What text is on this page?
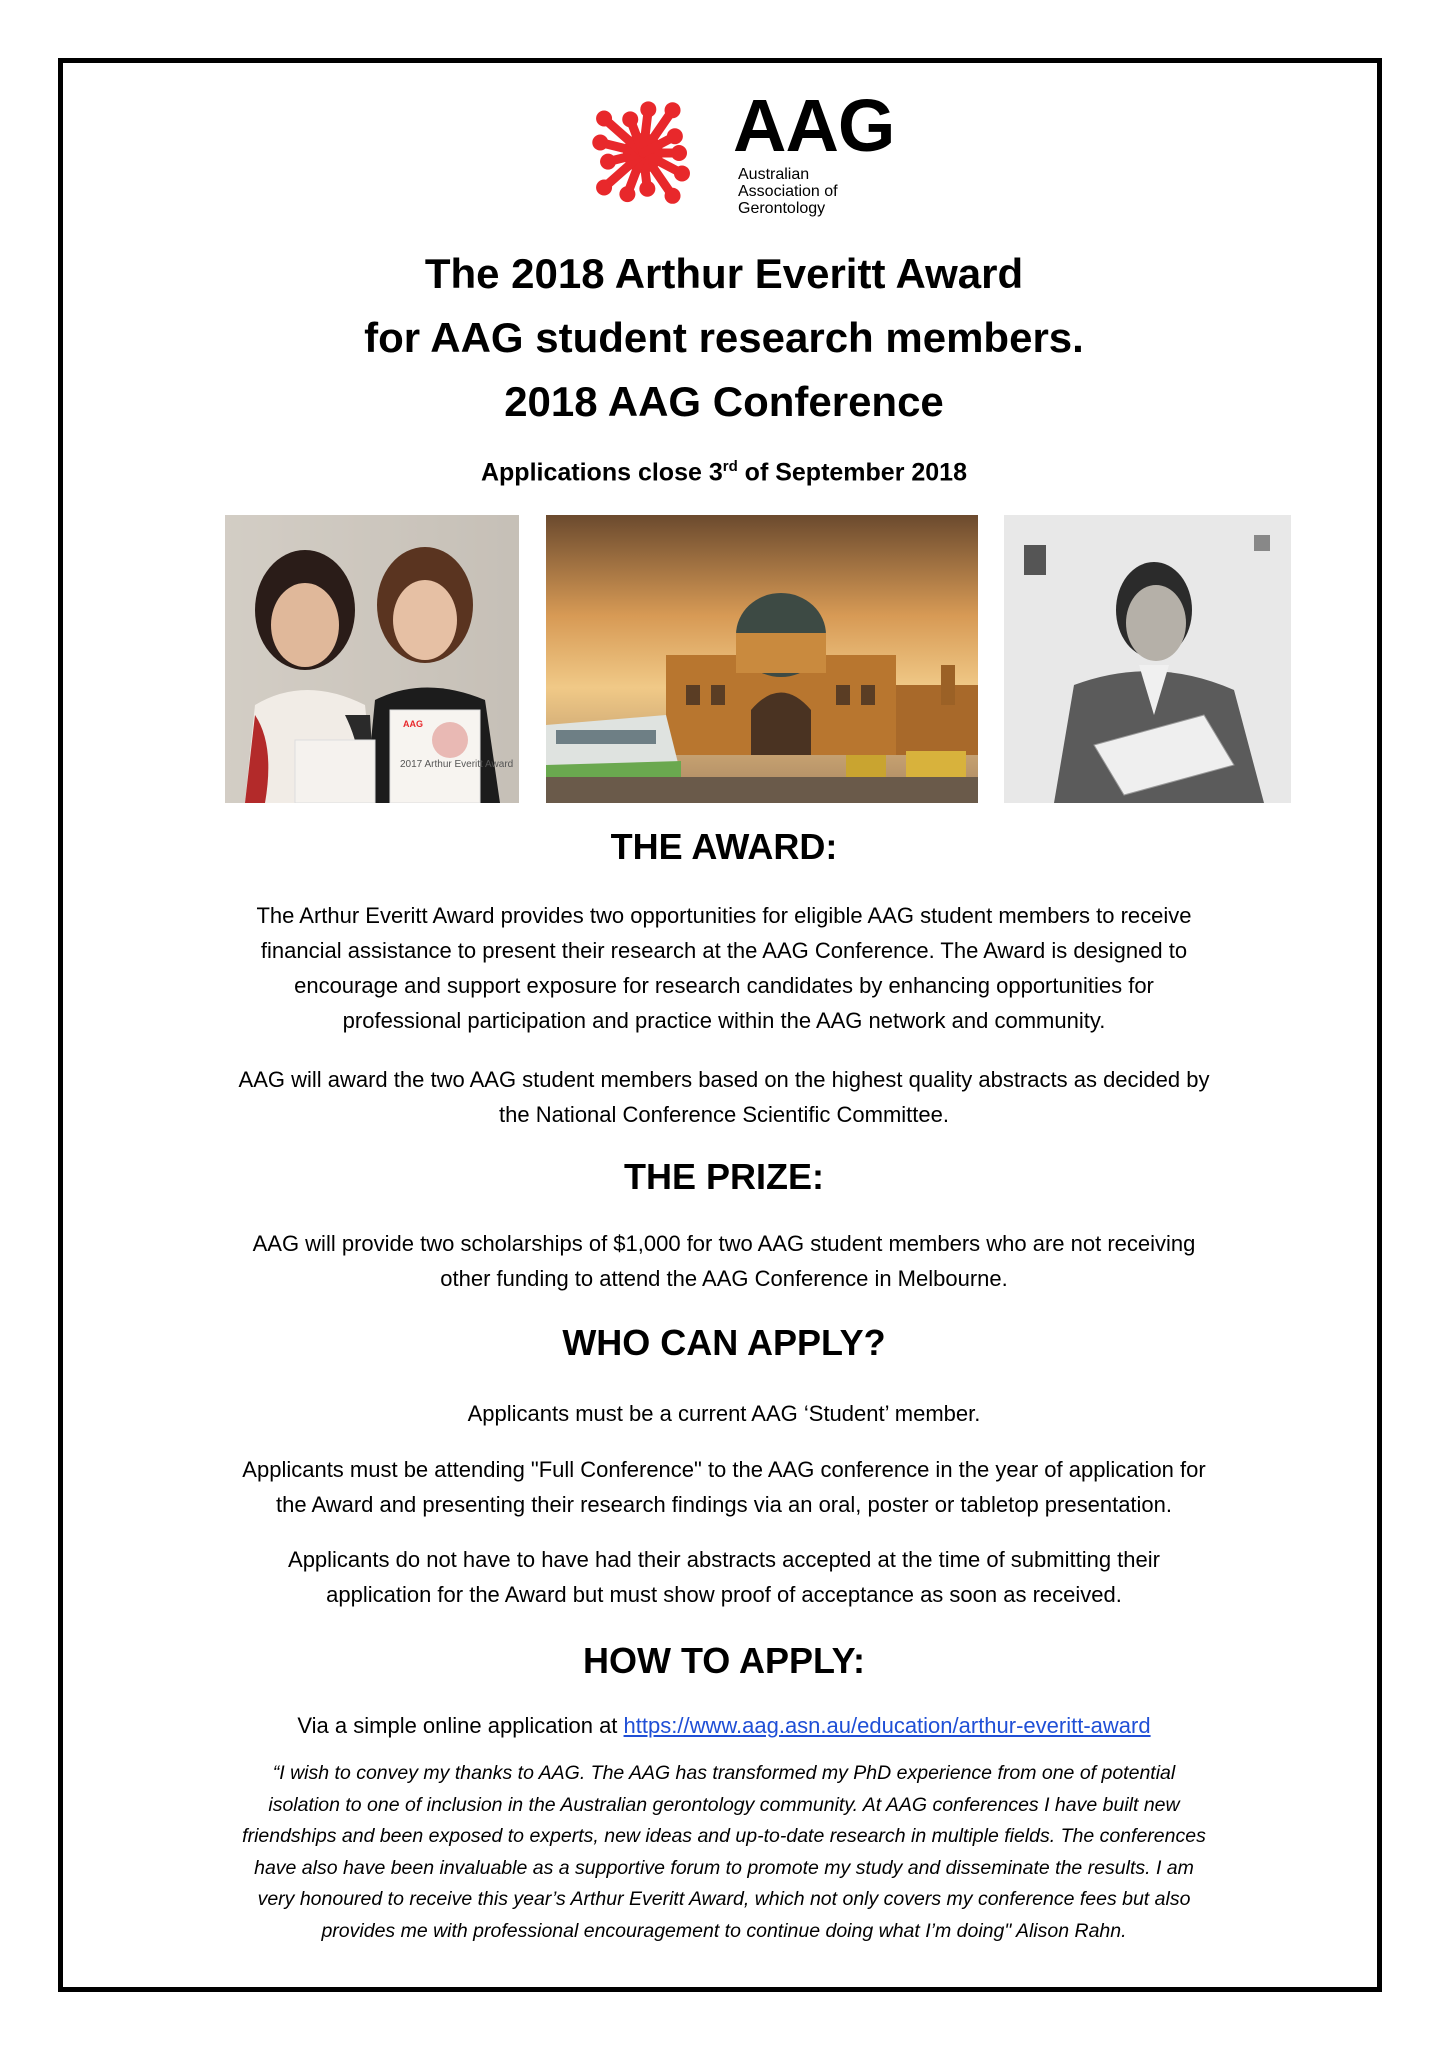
AAG
Australian
Association of
Gerontology
The 2018 Arthur Everitt Award
for AAG student research members.
2018 AAG Conference
Applications close 3rd of September 2018
2017 Arthur Everitt Award
AAG
THE AWARD:
The Arthur Everitt Award provides two opportunities for eligible AAG student members to receive
financial assistance to present their research at the AAG Conference. The Award is designed to
encourage and support exposure for research candidates by enhancing opportunities for
professional participation and practice within the AAG network and community.
AAG will award the two AAG student members based on the highest quality abstracts as decided by
the National Conference Scientific Committee.
THE PRIZE:
AAG will provide two scholarships of $1,000 for two AAG student members who are not receiving
other funding to attend the AAG Conference in Melbourne.
WHO CAN APPLY?
Applicants must be a current AAG ‘Student’ member.
Applicants must be attending "Full Conference" to the AAG conference in the year of application for
the Award and presenting their research findings via an oral, poster or tabletop presentation.
Applicants do not have to have had their abstracts accepted at the time of submitting their
application for the Award but must show proof of acceptance as soon as received.
HOW TO APPLY:
Via a simple online application at https://www.aag.asn.au/education/arthur-everitt-award
“I wish to convey my thanks to AAG. The AAG has transformed my PhD experience from one of potential
isolation to one of inclusion in the Australian gerontology community. At AAG conferences I have built new
friendships and been exposed to experts, new ideas and up-to-date research in multiple fields. The conferences
have also have been invaluable as a supportive forum to promote my study and disseminate the results. I am
very honoured to receive this year’s Arthur Everitt Award, which not only covers my conference fees but also
provides me with professional encouragement to continue doing what I’m doing" Alison Rahn.
